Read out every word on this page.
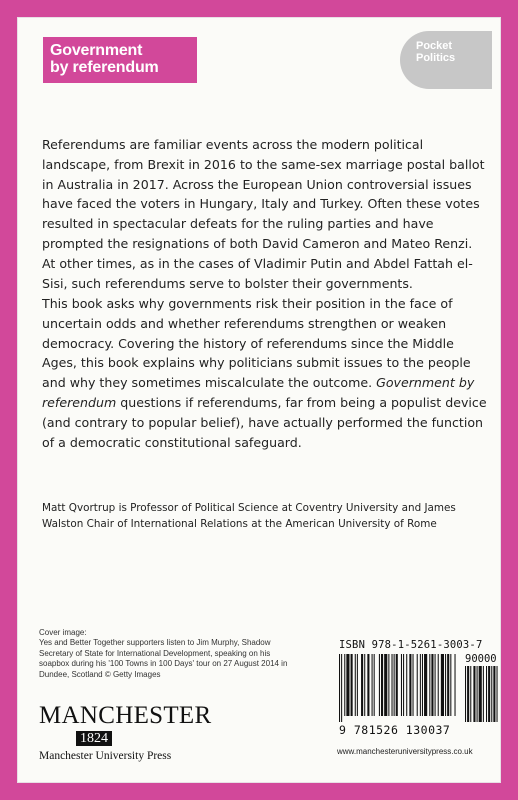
Government
by referendum
Pocket
Politics

Referendums are familiar events across the modern political landscape, from Brexit in 2016 to the same-sex marriage postal ballot in Australia in 2017. Across the European Union controversial issues have faced the voters in Hungary, Italy and Turkey. Often these votes resulted in spectacular defeats for the ruling parties and have prompted the resignations of both David Cameron and Mateo Renzi. At other times, as in the cases of Vladimir Putin and Abdel Fattah el-Sisi, such referendums serve to bolster their governments.

This book asks why governments risk their position in the face of uncertain odds and whether referendums strengthen or weaken democracy. Covering the history of referendums since the Middle Ages, this book explains why politicians submit issues to the people and why they sometimes miscalculate the outcome. Government by referendum questions if referendums, far from being a populist device (and contrary to popular belief), have actually performed the function of a democratic constitutional safeguard.

Matt Qvortrup is Professor of Political Science at Coventry University and James Walston Chair of International Relations at the American University of Rome

Cover image:
Yes and Better Together supporters listen to Jim Murphy, Shadow Secretary of State for International Development, speaking on his soapbox during his '100 Towns in 100 Days' tour on 27 August 2014 in Dundee, Scotland © Getty Images
MANCHESTER
1824
Manchester University Press
ISBN 978-1-5261-3003-7
90000
9 781526 130037
www.manchesteruniversitypress.co.uk
